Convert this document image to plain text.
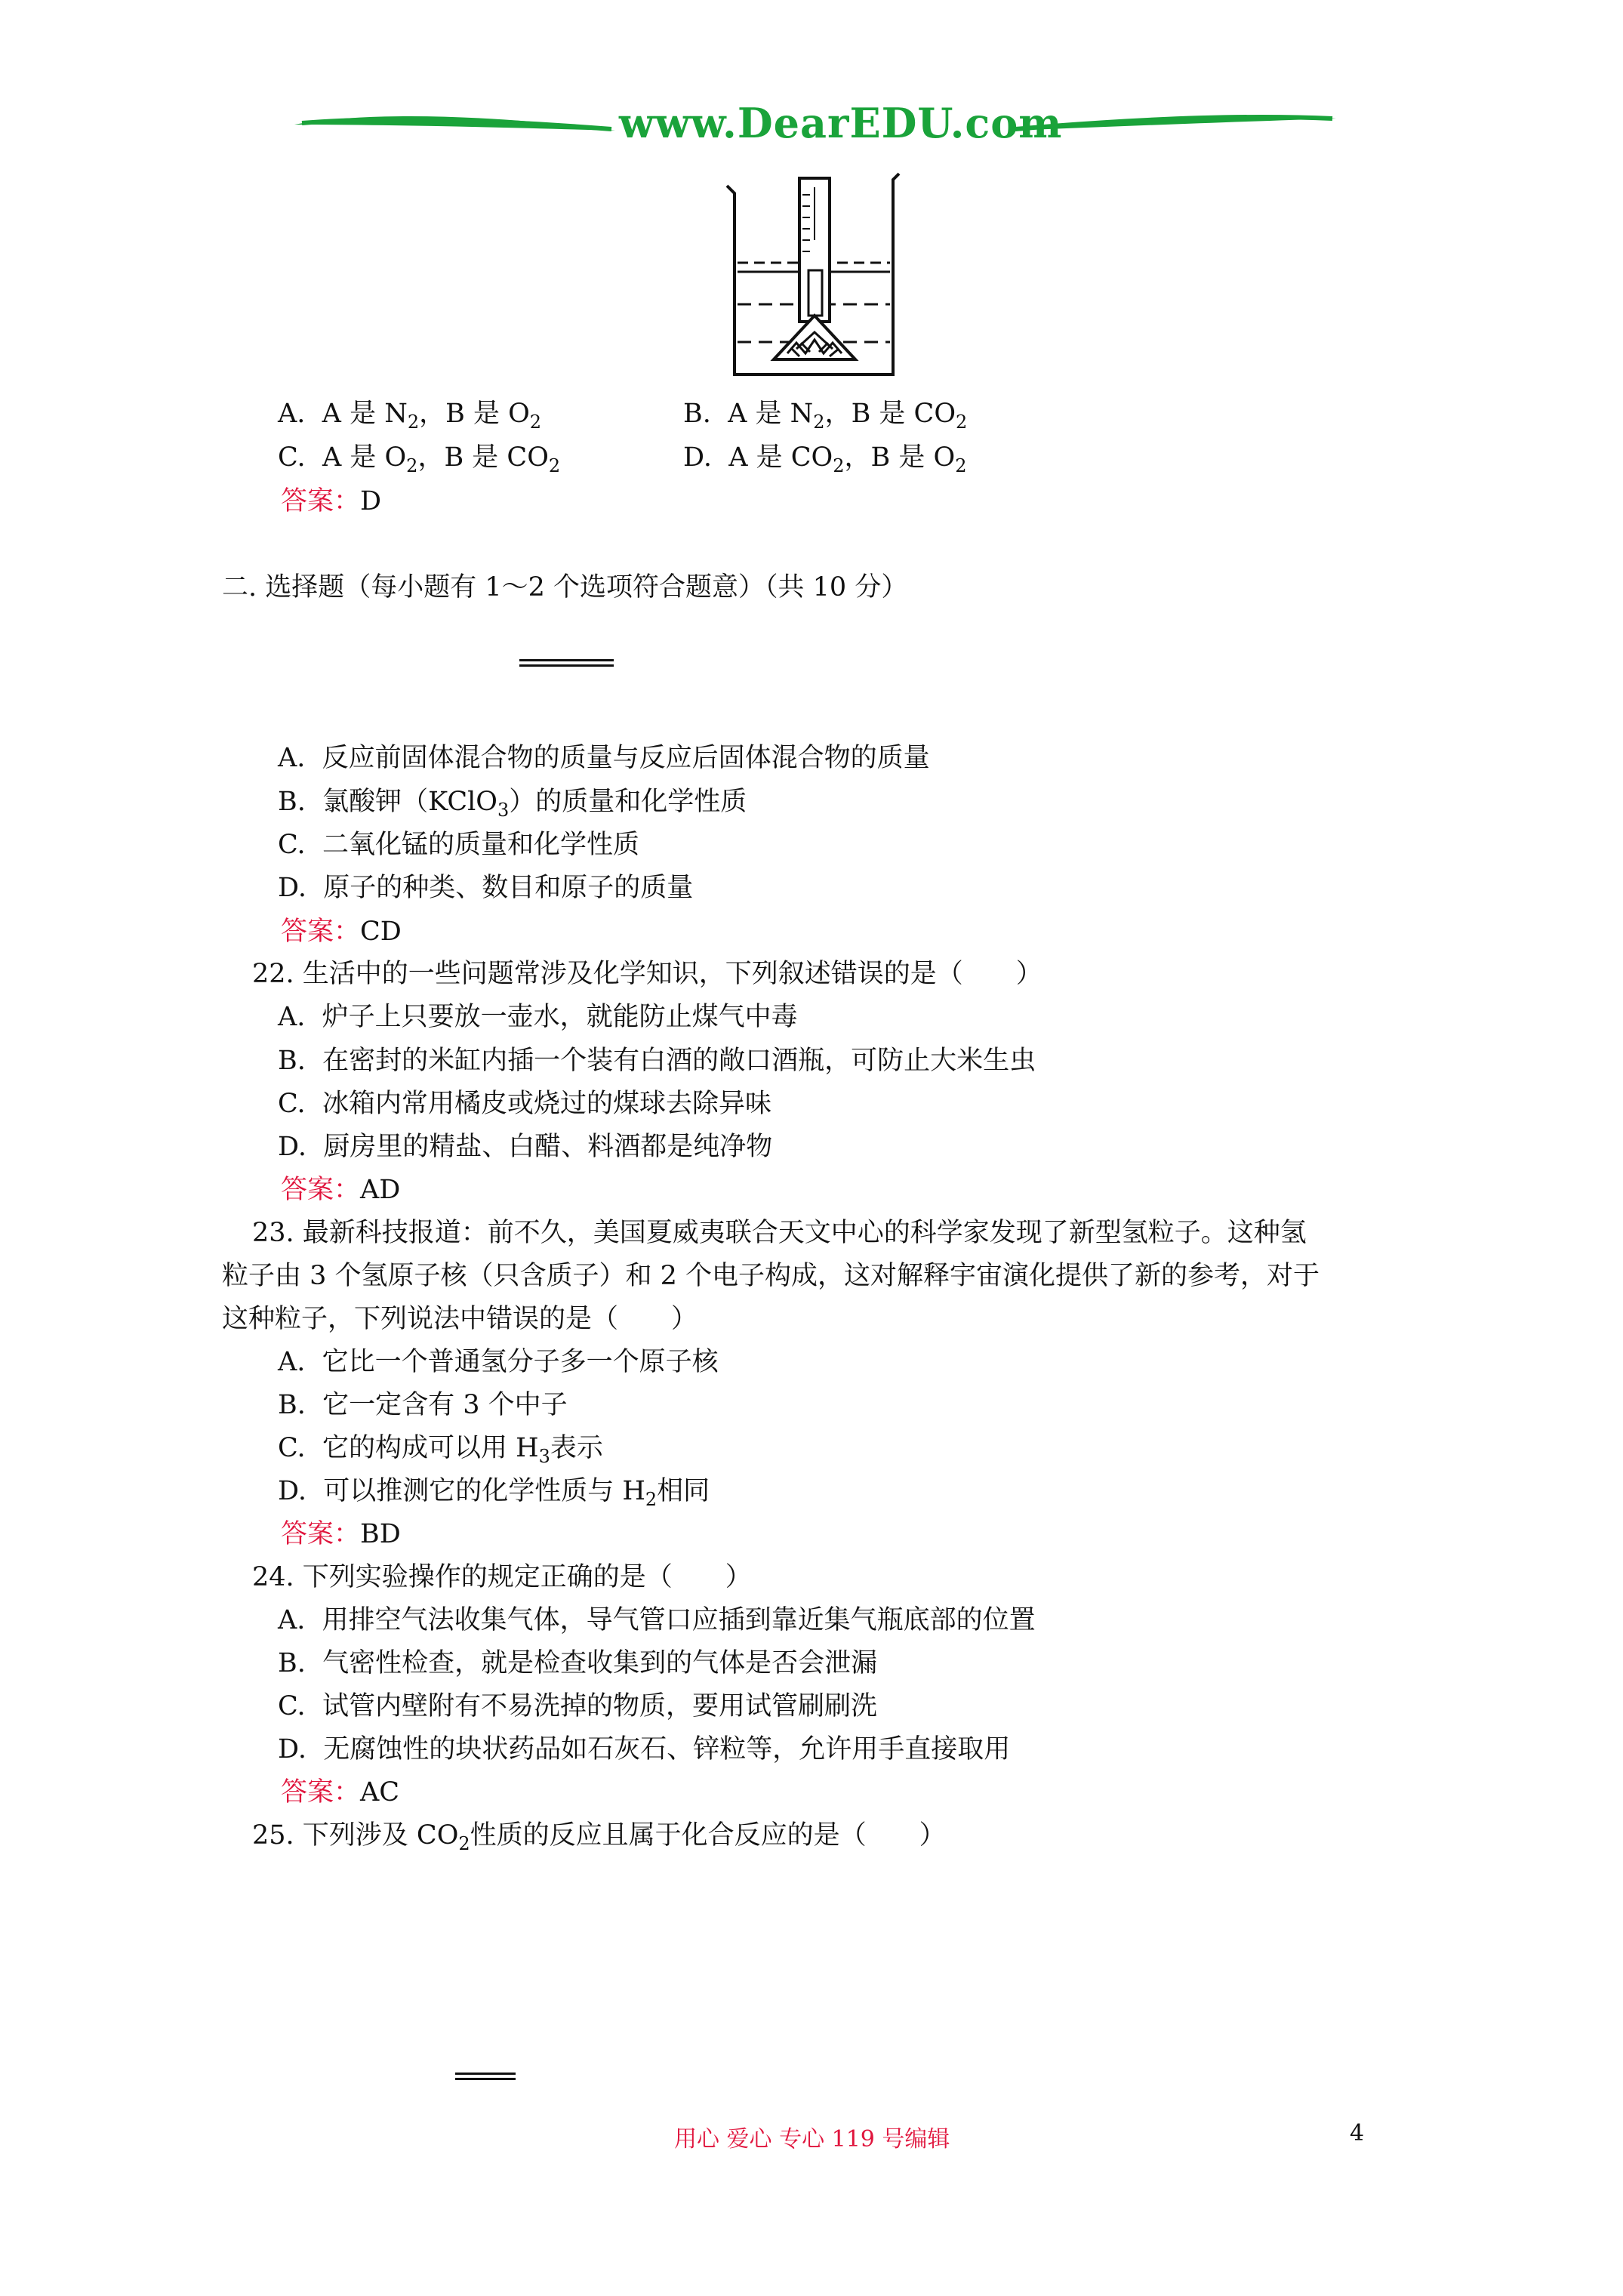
www.DearEDU.com
A. A 是 $N_2$，B 是 $O_2$	B. A 是 $N_2$，B 是 $CO_2$
C. A 是 $O_2$，B 是 $CO_2$	D. A 是 $CO_2$，B 是 $O_2$
答案：D
二. 选择题（每小题有 1～2 个选项符合题意）（共 10 分）
A. 反应前固体混合物的质量与反应后固体混合物的质量
B. 氯酸钾（KClO$_3$）的质量和化学性质
C. 二氧化锰的质量和化学性质
D. 原子的种类、数目和原子的质量
答案：CD
22. 生活中的一些问题常涉及化学知识，下列叙述错误的是（　　）
A. 炉子上只要放一壶水，就能防止煤气中毒
B. 在密封的米缸内插一个装有白酒的敞口酒瓶，可防止大米生虫
C. 冰箱内常用橘皮或烧过的煤球去除异味
D. 厨房里的精盐、白醋、料酒都是纯净物
答案：AD
23. 最新科技报道：前不久，美国夏威夷联合天文中心的科学家发现了新型氢粒子。这种氢
粒子由 3 个氢原子核（只含质子）和 2 个电子构成，这对解释宇宙演化提供了新的参考，对于
这种粒子，下列说法中错误的是（　　）
A. 它比一个普通氢分子多一个原子核
B. 它一定含有 3 个中子
C. 它的构成可以用 $H_3$表示
D. 可以推测它的化学性质与 $H_2$相同
答案：BD
24. 下列实验操作的规定正确的是（　　）
A. 用排空气法收集气体，导气管口应插到靠近集气瓶底部的位置
B. 气密性检查，就是检查收集到的气体是否会泄漏
C. 试管内壁附有不易洗掉的物质，要用试管刷刷洗
D. 无腐蚀性的块状药品如石灰石、锌粒等，允许用手直接取用
答案：AC
25. 下列涉及 $CO_2$性质的反应且属于化合反应的是（　　）
用心 爱心 专心 119 号编辑	4
